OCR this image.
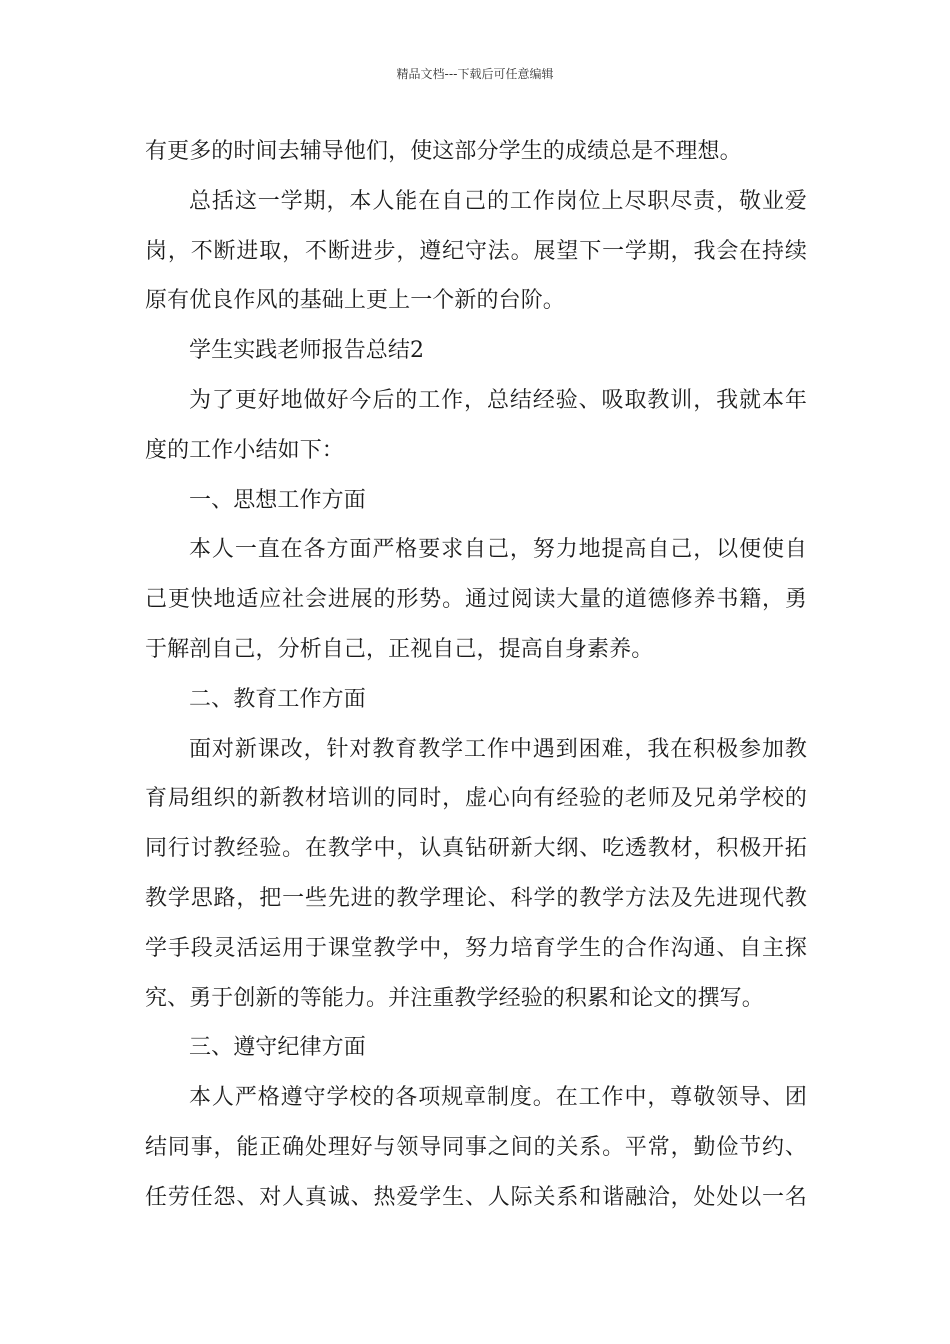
精品文档---下载后可任意编辑
有更多的时间去辅导他们，使这部分学生的成绩总是不理想。
总括这一学期，本人能在自己的工作岗位上尽职尽责，敬业爱
岗，不断进取，不断进步，遵纪守法。展望下一学期，我会在持续
原有优良作风的基础上更上一个新的台阶。
学生实践老师报告总结2
为了更好地做好今后的工作，总结经验、吸取教训，我就本年
度的工作小结如下：
一、思想工作方面
本人一直在各方面严格要求自己，努力地提高自己，以便使自
己更快地适应社会进展的形势。通过阅读大量的道德修养书籍，勇
于解剖自己，分析自己，正视自己，提高自身素养。
二、教育工作方面
面对新课改，针对教育教学工作中遇到困难，我在积极参加教
育局组织的新教材培训的同时，虚心向有经验的老师及兄弟学校的
同行讨教经验。在教学中，认真钻研新大纲、吃透教材，积极开拓
教学思路，把一些先进的教学理论、科学的教学方法及先进现代教
学手段灵活运用于课堂教学中，努力培育学生的合作沟通、自主探
究、勇于创新的等能力。并注重教学经验的积累和论文的撰写。
三、遵守纪律方面
本人严格遵守学校的各项规章制度。在工作中，尊敬领导、团
结同事，能正确处理好与领导同事之间的关系。平常，勤俭节约、
任劳任怨、对人真诚、热爱学生、人际关系和谐融洽，处处以一名
